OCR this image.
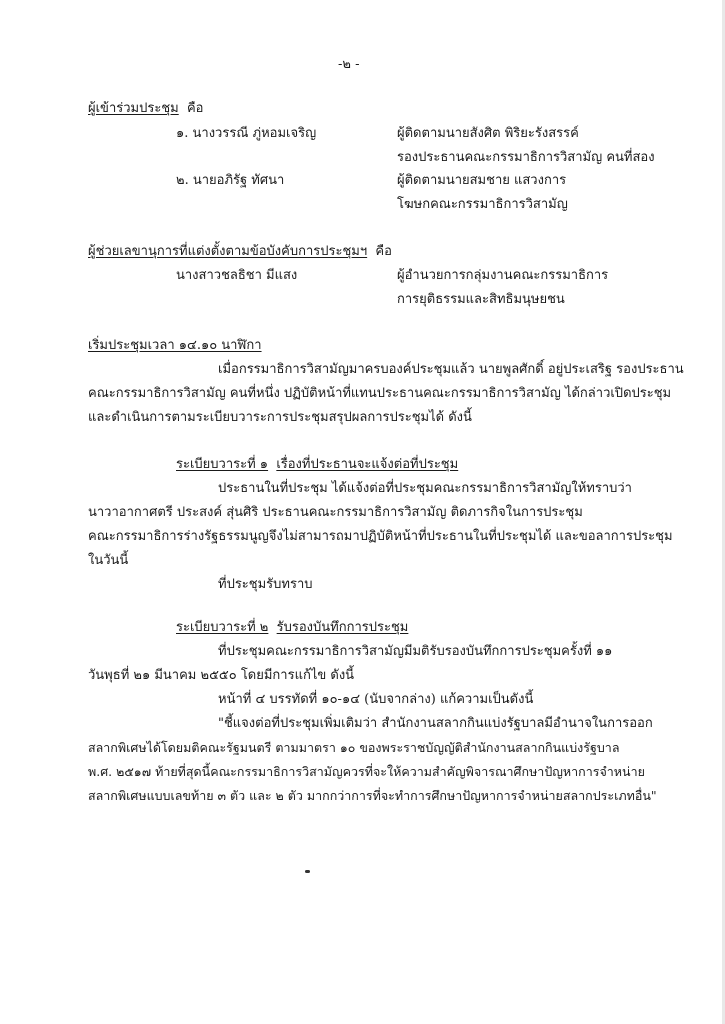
-๒ -
ผู้เข้าร่วมประชุม คือ
๑. นางวรรณี ภู่หอมเจริญ	ผู้ติดตามนายสังศิต พิริยะรังสรรค์
รองประธานคณะกรรมาธิการวิสามัญ คนที่สอง
๒. นายอภิรัฐ ทัศนา	ผู้ติดตามนายสมชาย แสวงการ
โฆษกคณะกรรมาธิการวิสามัญ
ผู้ช่วยเลขานุการที่แต่งตั้งตามข้อบังคับการประชุมฯ คือ
นางสาวชลธิชา มีแสง	ผู้อำนวยการกลุ่มงานคณะกรรมาธิการ
การยุติธรรมและสิทธิมนุษยชน
เริ่มประชุมเวลา ๑๔.๑๐ นาฬิกา
เมื่อกรรมาธิการวิสามัญมาครบองค์ประชุมแล้ว นายพูลศักดิ์ อยู่ประเสริฐ รองประธาน
คณะกรรมาธิการวิสามัญ คนที่หนึ่ง ปฏิบัติหน้าที่แทนประธานคณะกรรมาธิการวิสามัญ ได้กล่าวเปิดประชุม
และดำเนินการตามระเบียบวาระการประชุมสรุปผลการประชุมได้ ดังนี้
ระเบียบวาระที่ ๑ เรื่องที่ประธานจะแจ้งต่อที่ประชุม
ประธานในที่ประชุม ได้แจ้งต่อที่ประชุมคณะกรรมาธิการวิสามัญให้ทราบว่า
นาวาอากาศตรี ประสงค์ สุ่นศิริ ประธานคณะกรรมาธิการวิสามัญ ติดภารกิจในการประชุม
คณะกรรมาธิการร่างรัฐธรรมนูญจึงไม่สามารถมาปฏิบัติหน้าที่ประธานในที่ประชุมได้ และขอลาการประชุม
ในวันนี้
ที่ประชุมรับทราบ
ระเบียบวาระที่ ๒ รับรองบันทึกการประชุม
ที่ประชุมคณะกรรมาธิการวิสามัญมีมติรับรองบันทึกการประชุมครั้งที่ ๑๑
วันพุธที่ ๒๑ มีนาคม ๒๕๕๐ โดยมีการแก้ไข ดังนี้
หน้าที่ ๔ บรรทัดที่ ๑๐-๑๔ (นับจากล่าง) แก้ความเป็นดังนี้
"ชี้แจงต่อที่ประชุมเพิ่มเติมว่า สำนักงานสลากกินแบ่งรัฐบาลมีอำนาจในการออก
สลากพิเศษได้โดยมติคณะรัฐมนตรี ตามมาตรา ๑๐ ของพระราชบัญญัติสำนักงานสลากกินแบ่งรัฐบาล
พ.ศ. ๒๕๑๗ ท้ายที่สุดนี้คณะกรรมาธิการวิสามัญควรที่จะให้ความสำคัญพิจารณาศึกษาปัญหาการจำหน่าย
สลากพิเศษแบบเลขท้าย ๓ ตัว และ ๒ ตัว มากกว่าการที่จะทำการศึกษาปัญหาการจำหน่ายสลากประเภทอื่น"
